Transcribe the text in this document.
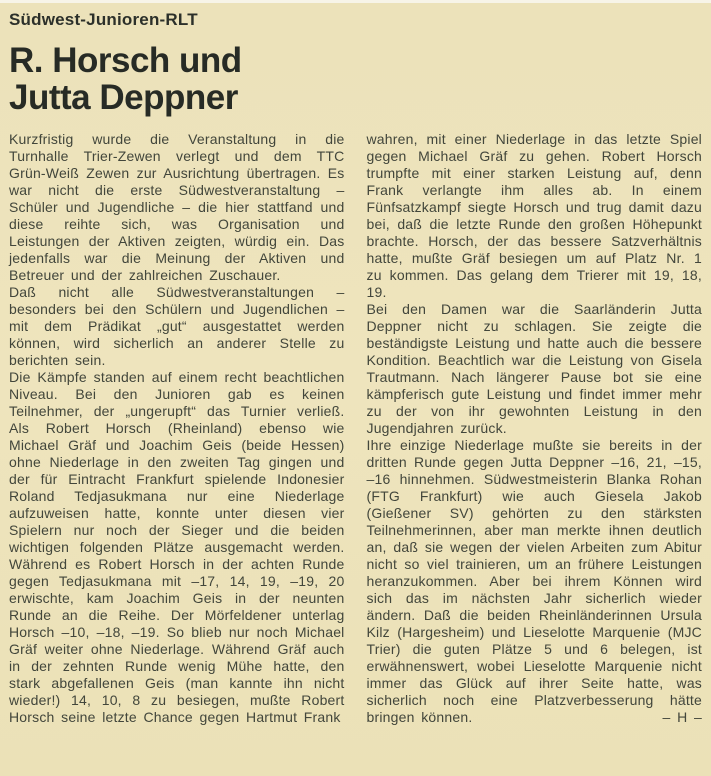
Südwest-Junioren-RLT
R. Horsch und
Jutta Deppner

Kurzfristig wurde die Veranstaltung in die Turnhalle Trier-Zewen verlegt und dem TTC Grün-Weiß Zewen zur Ausrichtung übertragen. Es war nicht die erste Südwestveranstaltung – Schüler und Jugendliche – die hier stattfand und diese reihte sich, was Organisation und Leistungen der Aktiven zeigten, würdig ein. Das jedenfalls war die Meinung der Aktiven und Betreuer und der zahlreichen Zuschauer.

Daß nicht alle Südwestveranstaltungen – besonders bei den Schülern und Jugendlichen – mit dem Prädikat „gut“ ausgestattet werden können, wird sicherlich an anderer Stelle zu berichten sein.

Die Kämpfe standen auf einem recht beachtlichen Niveau. Bei den Junioren gab es keinen Teilnehmer, der „ungerupft“ das Turnier verließ. Als Robert Horsch (Rheinland) ebenso wie Michael Gräf und Joachim Geis (beide Hessen) ohne Niederlage in den zweiten Tag gingen und der für Eintracht Frankfurt spielende Indonesier Roland Tedjasukmana nur eine Niederlage aufzuweisen hatte, konnte unter diesen vier Spielern nur noch der Sieger und die beiden wichtigen folgenden Plätze ausgemacht werden. Während es Robert Horsch in der achten Runde gegen Tedjasukmana mit –17, 14, 19, –19, 20 erwischte, kam Joachim Geis in der neunten Runde an die Reihe. Der Mörfeldener unterlag Horsch –10, –18, –19. So blieb nur noch Michael Gräf weiter ohne Niederlage. Während Gräf auch in der zehnten Runde wenig Mühe hatte, den stark abgefallenen Geis (man kannte ihn nicht wieder!) 14, 10, 8 zu besiegen, mußte Robert Horsch seine letzte Chance gegen Hartmut Frank

wahren, mit einer Niederlage in das letzte Spiel gegen Michael Gräf zu gehen. Robert Horsch trumpfte mit einer starken Leistung auf, denn Frank verlangte ihm alles ab. In einem Fünfsatzkampf siegte Horsch und trug damit dazu bei, daß die letzte Runde den großen Höhepunkt brachte. Horsch, der das bessere Satzverhältnis hatte, mußte Gräf besiegen um auf Platz Nr. 1 zu kommen. Das gelang dem Trierer mit 19, 18, 19.

Bei den Damen war die Saarländerin Jutta Deppner nicht zu schlagen. Sie zeigte die beständigste Leistung und hatte auch die bessere Kondition. Beachtlich war die Leistung von Gisela Trautmann. Nach längerer Pause bot sie eine kämpferisch gute Leistung und findet immer mehr zu der von ihr gewohnten Leistung in den Jugendjahren zurück.

Ihre einzige Niederlage mußte sie bereits in der dritten Runde gegen Jutta Deppner –16, 21, –15, –16 hinnehmen. Südwestmeisterin Blanka Rohan (FTG Frankfurt) wie auch Giesela Jakob (Gießener SV) gehörten zu den stärksten Teilnehmerinnen, aber man merkte ihnen deutlich an, daß sie wegen der vielen Arbeiten zum Abitur nicht so viel trainieren, um an frühere Leistungen heranzukommen. Aber bei ihrem Können wird sich das im nächsten Jahr sicherlich wieder ändern. Daß die beiden Rheinländerinnen Ursula Kilz (Hargesheim) und Lieselotte Marquenie (MJC Trier) die guten Plätze 5 und 6 belegen, ist erwähnenswert, wobei Lieselotte Marquenie nicht immer das Glück auf ihrer Seite hatte, was sicherlich noch eine Platzverbesserung hätte bringen können.	– H –
